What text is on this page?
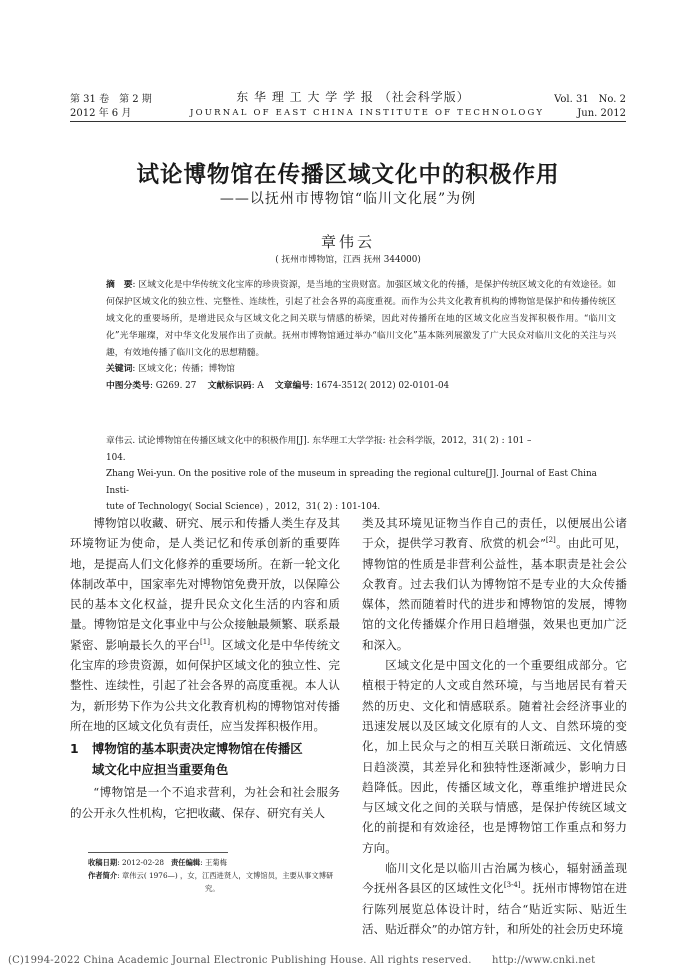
第 31 卷　第 2 期
2012 年 6 月
东 华 理 工 大 学 学 报 （社会科学版）
JOURNAL OF EAST CHINA INSTITUTE OF TECHNOLOGY
Vol. 31　No. 2
Jun. 2012
试论博物馆在传播区域文化中的积极作用
——以抚州市博物馆“临川文化展”为例
章伟云
( 抚州市博物馆，江西 抚州 344000)
摘　要: 区域文化是中华传统文化宝库的珍贵资源，是当地的宝贵财富。加强区域文化的传播，是保护传统区域文化的有效途径。如何保护区域文化的独立性、完整性、连续性，引起了社会各界的高度重视。而作为公共文化教育机构的博物馆是保护和传播传统区域文化的重要场所，是增进民众与区域文化之间关联与情感的桥梁，因此对传播所在地的区域文化应当发挥积极作用。“临川文化”光华璀璨，对中华文化发展作出了贡献。抚州市博物馆通过举办“临川文化”基本陈列展激发了广大民众对临川文化的关注与兴趣，有效地传播了临川文化的思想精髓。
关键词: 区域文化；传播；博物馆
中图分类号: G269. 27 文献标识码: A 文章编号: 1674-3512( 2012) 02-0101-04
章伟云. 试论博物馆在传播区域文化中的积极作用[J]. 东华理工大学学报: 社会科学版，2012，31( 2) : 101 –
104.
Zhang Wei-yun. On the positive role of the museum in spreading the regional culture[J]. Journal of East China Insti-
tute of Technology( Social Science) ，2012，31( 2) : 101-104.

博物馆以收藏、研究、展示和传播人类生存及其环境物证为使命，是人类记忆和传承创新的重要阵地，是提高人们文化修养的重要场所。在新一轮文化体制改革中，国家率先对博物馆免费开放，以保障公民的基本文化权益，提升民众文化生活的内容和质量。博物馆是文化事业中与公众接触最频繁、联系最紧密、影响最长久的平台[1]。区域文化是中华传统文化宝库的珍贵资源，如何保护区域文化的独立性、完整性、连续性，引起了社会各界的高度重视。本人认为，新形势下作为公共文化教育机构的博物馆对传播所在地的区域文化负有责任，应当发挥积极作用。

1 博物馆的基本职责决定博物馆在传播区
域文化中应担当重要角色

“博物馆是一个不追求营利，为社会和社会服务的公开永久性机构，它把收藏、保存、研究有关人

收稿日期: 2012-02-28 责任编辑: 王菊梅
作者简介: 章伟云( 1976—) ，女，江西进贤人，文博馆员，主要从事文博研
究。

类及其环境见证物当作自己的责任，以便展出公诸于众，提供学习教育、欣赏的机会”[2]。由此可见，博物馆的性质是非营利公益性，基本职责是社会公众教育。过去我们认为博物馆不是专业的大众传播媒体，然而随着时代的进步和博物馆的发展，博物馆的文化传播媒介作用日趋增强，效果也更加广泛和深入。

区域文化是中国文化的一个重要组成部分。它植根于特定的人文或自然环境，与当地居民有着天然的历史、文化和情感联系。随着社会经济事业的迅速发展以及区域文化原有的人文、自然环境的变化，加上民众与之的相互关联日渐疏远、文化情感日趋淡漠，其差异化和独特性逐渐减少，影响力日趋降低。因此，传播区域文化，尊重维护增进民众与区域文化之间的关联与情感，是保护传统区域文化的前提和有效途径，也是博物馆工作重点和努力方向。

临川文化是以临川古治属为核心，辐射涵盖现今抚州各县区的区域性文化[3-4]。抚州市博物馆在进行陈列展览总体设计时，结合“贴近实际、贴近生活、贴近群众”的办馆方针，和所处的社会历史环境

(C)1994-2022 China Academic Journal Electronic Publishing House. All rights reserved.　　http://www.cnki.net
